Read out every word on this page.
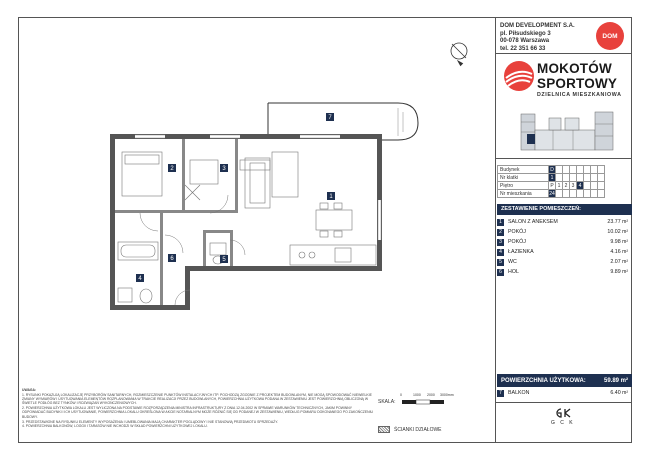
DOM DEVELOPMENT S.A.
pl. Piłsudskiego 3
00-078 Warszawa
tel. 22 351 66 33
DOM
MOKOTÓW
SPORTOWY
DZIELNICA MIESZKANIOWA
Budynek	D							
Nr klatki	1							
Piętro	P	1	2	3	4			
Nr mieszkania	24							
ZESTAWIENIE POMIESZCZEŃ:
1	SALON Z ANEKSEM	23.77 m²
2	POKÓJ	10.02 m²
3	POKÓJ	9.98 m²
4	ŁAZIENKA	4.16 m²
5	WC	2.07 m²
6	HOL	9.89 m²
POWIERZCHNIA UŻYTKOWA:	59.89 m²
7	BALKON	6.40 m²
G C K

UWAGA:

1. RYSUNKI POKAZUJĄ LOKALIZACJĘ PRZYBORÓW SANITARNYCH, ROZMIESZCZENIE PUNKTÓW INSTALACYJNYCH ITP. POCHODZĄ ZGODNIE Z PROJEKTEM BUDOWLANYM, NIE MOGĄ SPOWODOWAĆ NIEWIELKIE ZMIANY WYMIARÓW I USYTUOWANIA ELEMENTÓW ROZPLANOWANIA W TRAKCIE REALIZACJI PRZEZ BUDOWLANYCH, POWIERZCHNIA UŻYTKOWA PODANA W ZESTAWIENIU JEST POWIERZCHNIĄ OBLICZONĄ W ŚWIETLE PODŁÓG BEZ TYNKÓW I ROZWIĄZAŃ WYKOŃCZENIOWYCH.

2. POWIERZCHNIA UŻYTKOWA LOKALU JEST WYLICZONA NA PODSTAWIE ROZPORZĄDZENIA MINISTRA INFRASTRUKTURY Z DNIA 12.04.2002 W SPRAWIE WARUNKÓW TECHNICZNYCH, JAKIM POWINNY ODPOWIADAĆ BUDYNKI I ICH USYTUOWANIE, POWIERZCHNIA LOKALU OKREŚLONA W AKCIE NOTARIALNYM MOŻE RÓŻNIĆ SIĘ OD PODANEJ W ZESTAWIENIU, WEDŁUG POMIARU DOKONANEGO PO ZAKOŃCZENIU BUDOWY.

3. PRZEDSTAWIONE NA RYSUNKU ELEMENTY WYPOSAŻENIA I UMEBLOWANIA MAJĄ CHARAKTER POGLĄDOWY I NIE STANOWIĄ PRZEDMIOTU SPRZEDAŻY.

4. POWIERZCHNIA BALKONÓW, LOGGII I TARASÓW NIE WCHODZI W SKŁAD POWIERZCHNI UŻYTKOWEJ LOKALU.

SKALA:
0	1000 2000 3000mm
ŚCIANKI DZIAŁOWE
1
2	3
4
5
6
7
